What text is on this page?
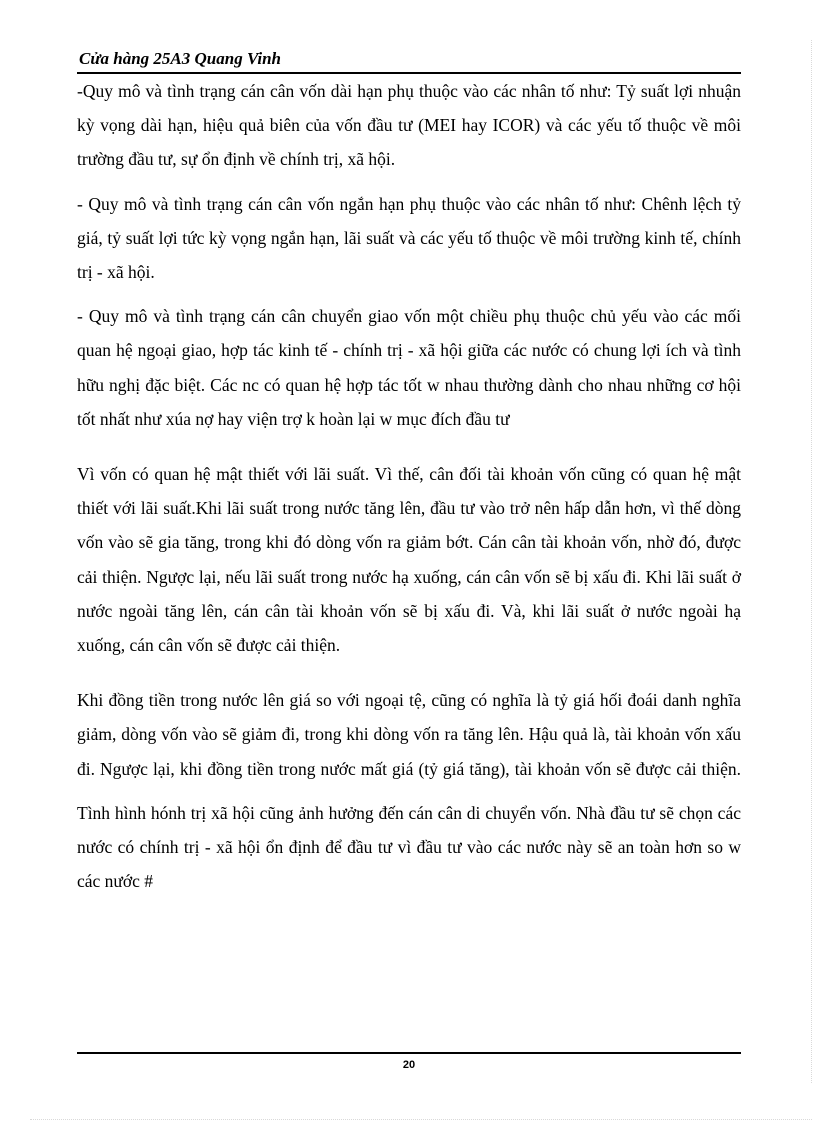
Cửa hàng 25A3 Quang Vinh

-Quy mô và tình trạng cán cân vốn dài hạn phụ thuộc vào các nhân tố như: Tỷ suất lợi nhuận kỳ vọng dài hạn, hiệu quả biên của vốn đầu tư (MEI hay ICOR) và các yếu tố thuộc về môi trường đầu tư, sự ổn định về chính trị, xã hội.

- Quy mô và tình trạng cán cân vốn ngắn hạn phụ thuộc vào các nhân tố như: Chênh lệch tỷ giá, tỷ suất lợi tức kỳ vọng ngắn hạn, lãi suất và các yếu tố thuộc về môi trường kinh tế, chính trị - xã hội.

- Quy mô và tình trạng cán cân chuyển giao vốn một chiều phụ thuộc chủ yếu vào các mối quan hệ ngoại giao, hợp tác kinh tế - chính trị - xã hội giữa các nước có chung lợi ích và tình hữu nghị đặc biệt. Các nc có quan hệ hợp tác tốt w nhau thường dành cho nhau những cơ hội tốt nhất như xúa nợ hay viện trợ k hoàn lại w mục đích đầu tư

Vì vốn có quan hệ mật thiết với lãi suất. Vì thế, cân đối tài khoản vốn cũng có quan hệ mật thiết với lãi suất.Khi lãi suất trong nước tăng lên, đầu tư vào trở nên hấp dẫn hơn, vì thế dòng vốn vào sẽ gia tăng, trong khi đó dòng vốn ra giảm bớt. Cán cân tài khoản vốn, nhờ đó, được cải thiện. Ngược lại, nếu lãi suất trong nước hạ xuống, cán cân vốn sẽ bị xấu đi. Khi lãi suất ở nước ngoài tăng lên, cán cân tài khoản vốn sẽ bị xấu đi. Và, khi lãi suất ở nước ngoài hạ xuống, cán cân vốn sẽ được cải thiện.

Khi đồng tiền trong nước lên giá so với ngoại tệ, cũng có nghĩa là tỷ giá hối đoái danh nghĩa giảm, dòng vốn vào sẽ giảm đi, trong khi dòng vốn ra tăng lên. Hậu quả là, tài khoản vốn xấu đi. Ngược lại, khi đồng tiền trong nước mất giá (tỷ giá tăng), tài khoản vốn sẽ được cải thiện.

Tình hình hónh trị xã hội cũng ảnh hưởng đến cán cân di chuyển vốn. Nhà đầu tư sẽ chọn các nước có chính trị - xã hội ổn định để đầu tư vì đầu tư vào các nước này sẽ an toàn hơn so w các nước #

20
